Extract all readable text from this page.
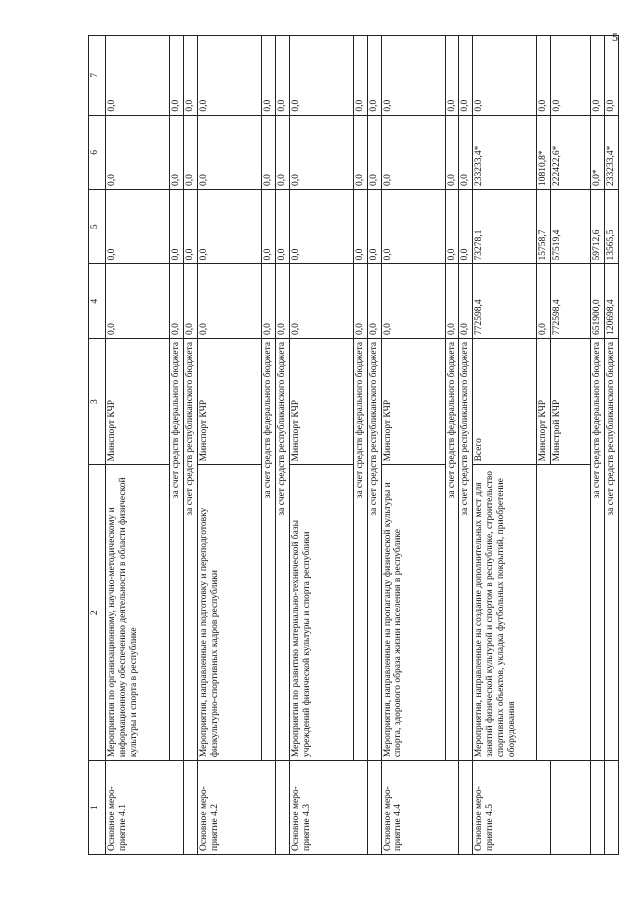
5
1	2	3	4	5	6	7
Основное меро-приятие 4.1	Мероприятия по организационному, научно-методическому и информационному обеспечению деятельности в области физической культуры и спорта в республике	Минспорт КЧР	0,0	0,0	0,0	0,0
	за счет средств федерального бюджета		0,0	0,0	0,0	0,0
	за счет средств республиканского бюджета		0,0	0,0	0,0	0,0
Основное меро-приятие 4.2	Мероприятия, направленные на подготовку и переподготовку физкультурно-спортивных кадров республики	Минспорт КЧР	0,0	0,0	0,0	0,0
	за счет средств федерального бюджета		0,0	0,0	0,0	0,0
	за счет средств республиканского бюджета		0,0	0,0	0,0	0,0
Основное меро-приятие 4.3	Мероприятия по развитию материально-технической базы учреждений физической культуры и спорта республики	Минспорт КЧР	0,0	0,0	0,0	0,0
	за счет средств федерального бюджета		0,0	0,0	0,0	0,0
	за счет средств республиканского бюджета		0,0	0,0	0,0	0,0
Основное меро-приятие 4.4	Мероприятия, направленные на пропаганду физической культуры и спорта, здорового образа жизни населения в республике	Минспорт КЧР	0,0	0,0	0,0	0,0
	за счет средств федерального бюджета		0,0	0,0	0,0	0,0
	за счет средств республиканского бюджета		0,0	0,0	0,0	0,0
Основное меро-приятие 4.5	Мероприятия, направленные на создание дополнительных мест для занятий физической культурой и спортом в республике, строительство спортивных объектов, укладка футбольных покрытий, приобретение оборудования	Всего	772598,4	73278,1	233233,4*	0,0
		Минспорт КЧР	0,0	15758,7	10810,8*	0,0
		Минстрой КЧР	772598,4	57519,4	222422,6*	0,0
	за счет средств федерального бюджета		651900,0	59712,6	0,0*	0,0
	за счет средств республиканского бюджета		120698,4	13565,5	233233,4*	0,0
